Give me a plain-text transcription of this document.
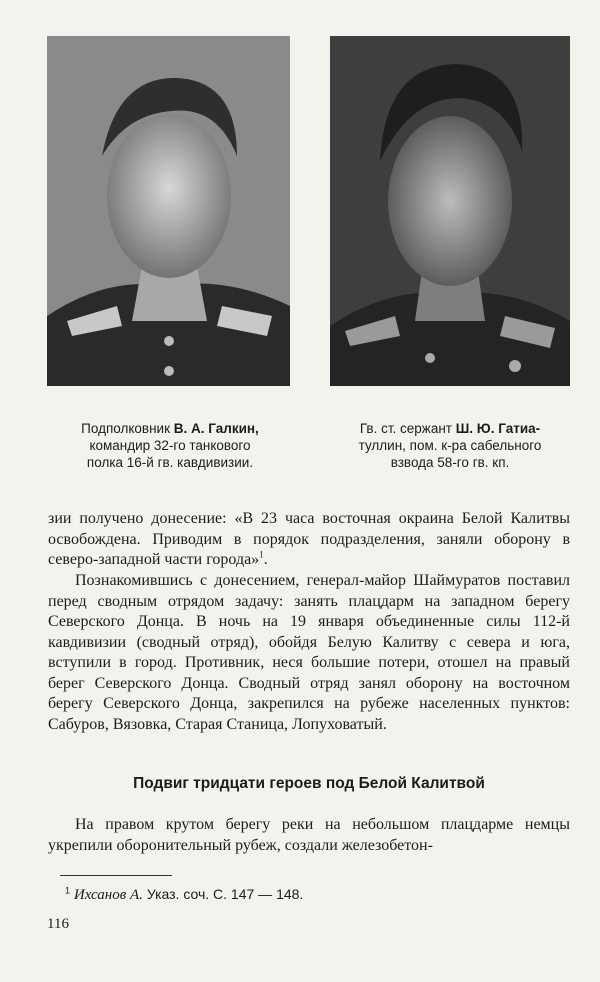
Подполковник В. А. Галкин,
командир 32-го танкового
полка 16-й гв. кавдивизии.
Гв. ст. сержант Ш. Ю. Гатиа-
туллин, пом. к-ра сабельного
взвода 58-го гв. кп.

зии получено донесение: «В 23 часа восточная окраина Белой Калитвы освобождена. Приводим в порядок подразделения, заняли оборону в северо-западной части города»$^1$.

Познакомившись с донесением, генерал-майор Шаймуратов поставил перед сводным отрядом задачу: занять плацдарм на западном берегу Северского Донца. В ночь на 19 января объединенные силы 112-й кавдивизии (сводный отряд), обойдя Белую Калитву с севера и юга, вступили в город. Противник, неся большие потери, отошел на правый берег Северского Донца. Сводный отряд занял оборону на восточном берегу Северского Донца, закрепился на рубеже населенных пунктов: Сабуров, Вязовка, Старая Станица, Лопуховатый.

Подвиг тридцати героев под Белой Калитвой

На правом крутом берегу реки на небольшом плацдарме немцы укрепили оборонительный рубеж, создали железобетон-

$^1$ Ихсанов А. Указ. соч. С. 147 — 148.
116
